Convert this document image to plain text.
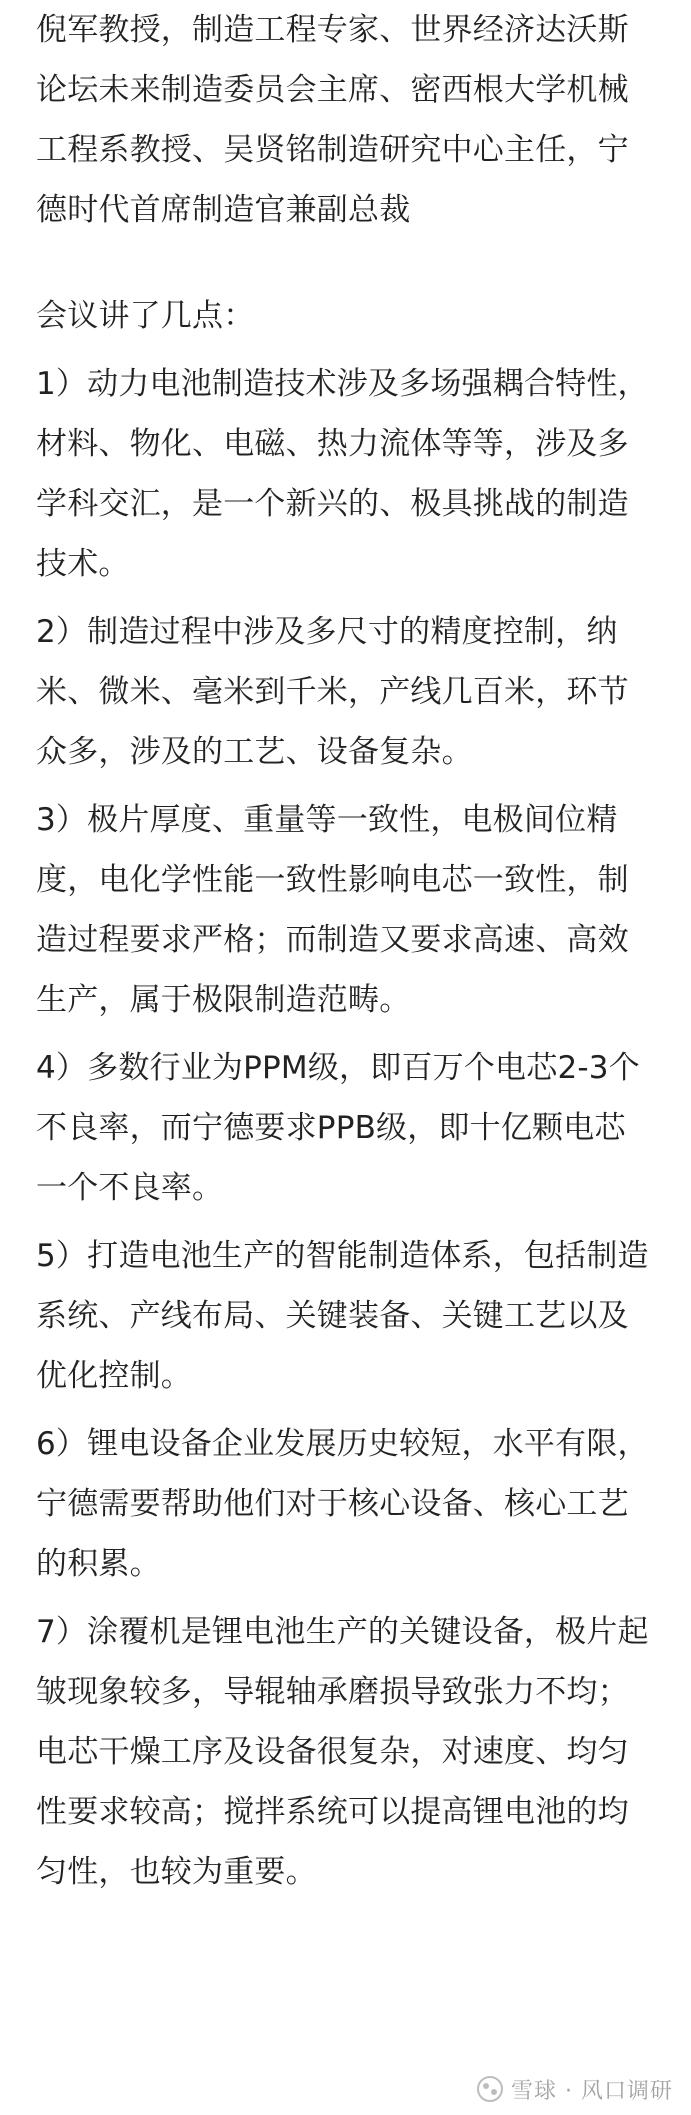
倪军教授，制造工程专家、世界经济达沃斯论坛未来制造委员会主席、密西根大学机械工程系教授、吴贤铭制造研究中心主任，宁德时代首席制造官兼副总裁

会议讲了几点：

1）动力电池制造技术涉及多场强耦合特性，材料、物化、电磁、热力流体等等，涉及多学科交汇，是一个新兴的、极具挑战的制造技术。

2）制造过程中涉及多尺寸的精度控制，纳米、微米、毫米到千米，产线几百米，环节众多，涉及的工艺、设备复杂。

3）极片厚度、重量等一致性，电极间位精度，电化学性能一致性影响电芯一致性，制造过程要求严格；而制造又要求高速、高效生产，属于极限制造范畴。

4）多数行业为PPM级，即百万个电芯2-3个不良率，而宁德要求PPB级，即十亿颗电芯一个不良率。

5）打造电池生产的智能制造体系，包括制造系统、产线布局、关键装备、关键工艺以及优化控制。

6）锂电设备企业发展历史较短，水平有限，宁德需要帮助他们对于核心设备、核心工艺的积累。

7）涂覆机是锂电池生产的关键设备，极片起皱现象较多，导辊轴承磨损导致张力不均；电芯干燥工序及设备很复杂，对速度、均匀性要求较高；搅拌系统可以提高锂电池的均匀性，也较为重要。

雪球 · 风口调研
